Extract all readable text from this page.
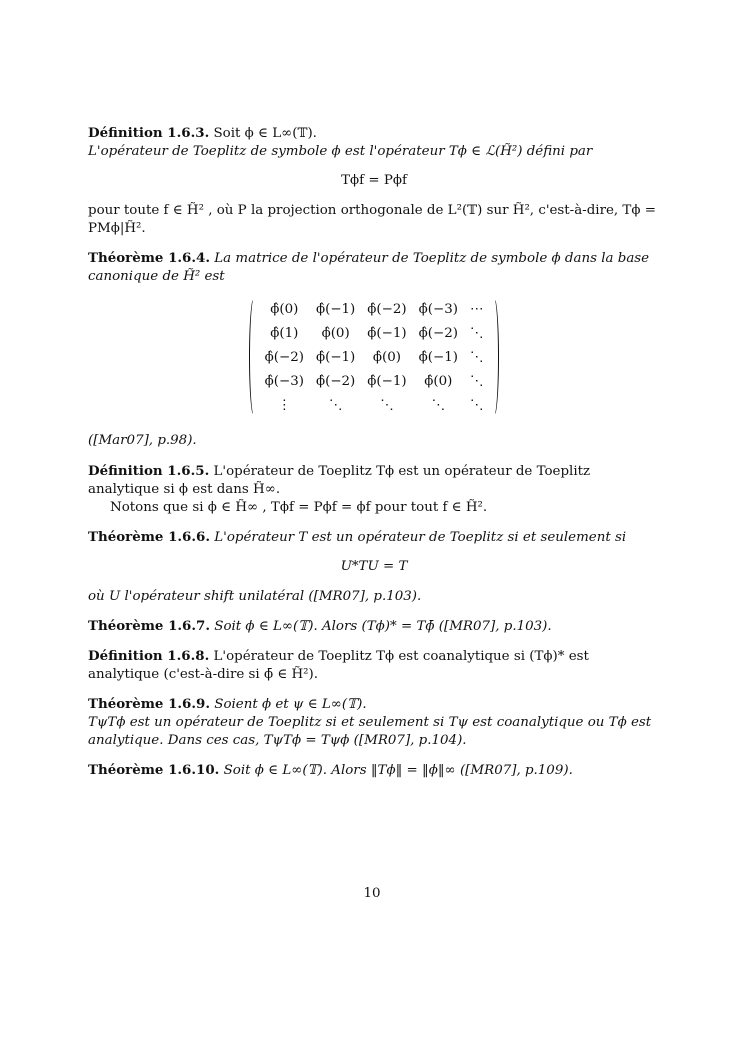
Définition 1.6.3. Soit ϕ ∈ L∞(𝕋).
L'opérateur de Toeplitz de symbole ϕ est l'opérateur Tϕ ∈ ℒ(H̃²) défini par
Tϕf = Pϕf
pour toute f ∈ H̃² , où P la projection orthogonale de L²(𝕋) sur H̃², c'est-à-dire, Tϕ = PMϕ|H̃².
Théorème 1.6.4. La matrice de l'opérateur de Toeplitz de symbole ϕ dans la base canonique de H̃² est
ϕ̂(0)	ϕ̂(−1)	ϕ̂(−2)	ϕ̂(−3)	⋯
ϕ̂(1)	ϕ̂(0)	ϕ̂(−1)	ϕ̂(−2)	⋱
ϕ̂(−2)	ϕ̂(−1)	ϕ̂(0)	ϕ̂(−1)	⋱
ϕ̂(−3)	ϕ̂(−2)	ϕ̂(−1)	ϕ̂(0)	⋱
⋮	⋱	⋱	⋱	⋱
([Mar07], p.98).
Définition 1.6.5. L'opérateur de Toeplitz Tϕ est un opérateur de Toeplitz analytique si ϕ est dans H̃∞.
Notons que si ϕ ∈ H̃∞ , Tϕf = Pϕf = ϕf pour tout f ∈ H̃².
Théorème 1.6.6. L'opérateur T est un opérateur de Toeplitz si et seulement si
U*TU = T
où U l'opérateur shift unilatéral ([MR07], p.103).
Théorème 1.6.7. Soit ϕ ∈ L∞(𝕋). Alors (Tϕ)* = Tϕ̄ ([MR07], p.103).
Définition 1.6.8. L'opérateur de Toeplitz Tϕ est coanalytique si (Tϕ)* est analytique (c'est-à-dire si ϕ̄ ∈ H̃²).
Théorème 1.6.9. Soient ϕ et ψ ∈ L∞(𝕋).
TψTϕ est un opérateur de Toeplitz si et seulement si Tψ est coanalytique ou Tϕ est analytique. Dans ces cas, TψTϕ = Tψϕ ([MR07], p.104).
Théorème 1.6.10. Soit ϕ ∈ L∞(𝕋). Alors ‖Tϕ‖ = ‖ϕ‖∞ ([MR07], p.109).
10
